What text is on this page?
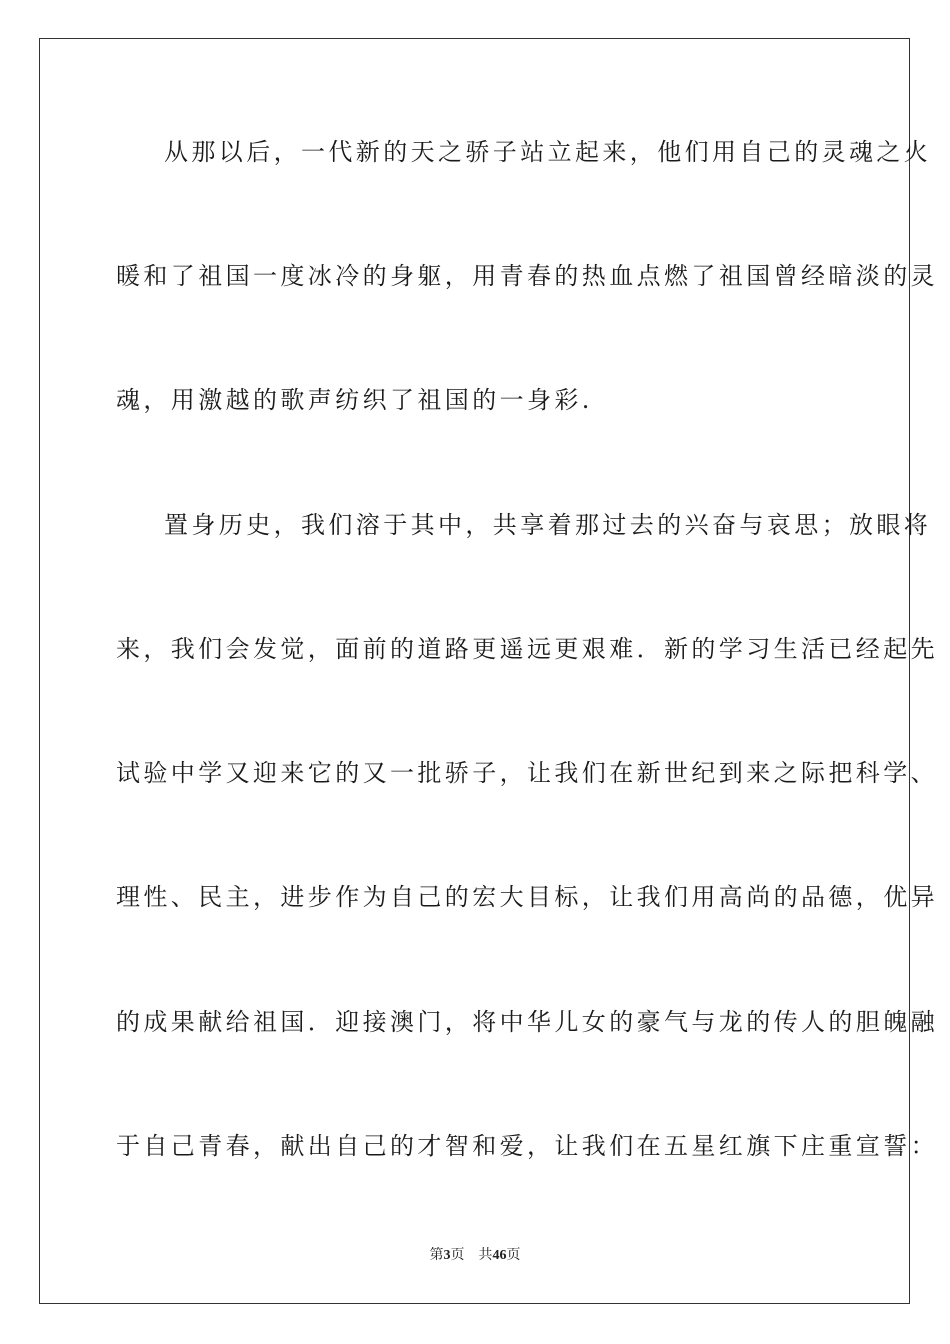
从那以后，一代新的天之骄子站立起来，他们用自己的灵魂之火
暖和了祖国一度冰冷的身躯，用青春的热血点燃了祖国曾经暗淡的灵
魂，用激越的歌声纺织了祖国的一身彩.
置身历史，我们溶于其中，共享着那过去的兴奋与哀思；放眼将
来，我们会发觉，面前的道路更遥远更艰难．新的学习生活已经起先
试验中学又迎来它的又一批骄子，让我们在新世纪到来之际把科学、
理性、民主，进步作为自己的宏大目标，让我们用高尚的品德，优异
的成果献给祖国．迎接澳门，将中华儿女的豪气与龙的传人的胆魄融
于自己青春，献出自己的才智和爱，让我们在五星红旗下庄重宣誓：
第3页 共46页
